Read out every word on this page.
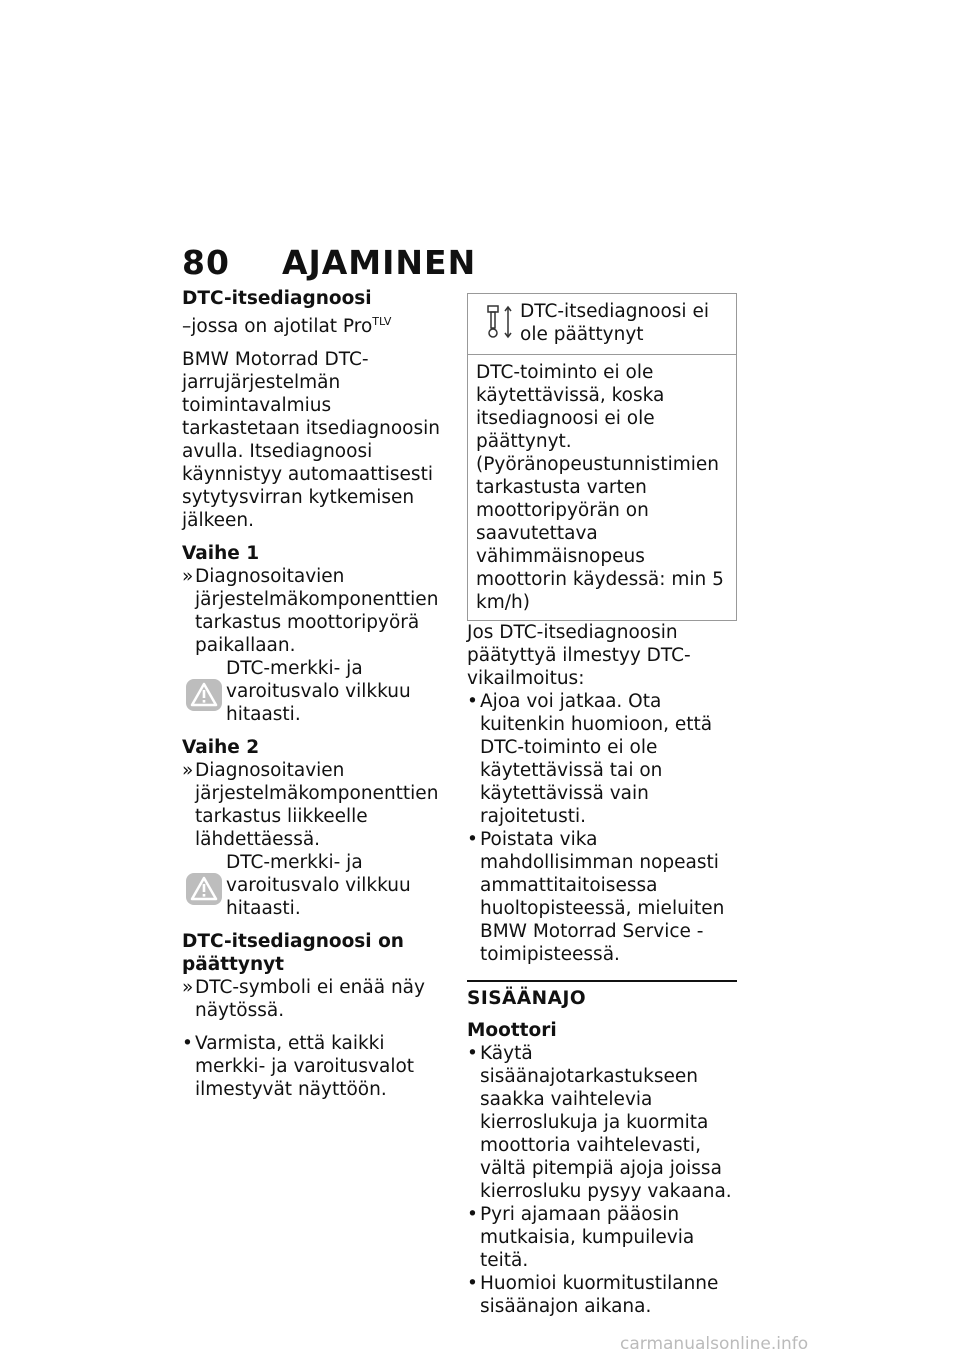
80 AJAMINEN
DTC-itsediagnoosi

–jossa on ajotilat Pro$^{TLV}$

BMW Motorrad DTC-jarrujärjestelmän toimintavalmius tarkastetaan itsediagnoosin avulla. Itsediagnoosi käynnistyy automaattisesti sytytysvirran kytkemisen jälkeen.

Vaihe 1
» Diagnosoitavien järjestelmäkomponenttien tarkastus moottoripyörä paikallaan.
DTC-merkki- ja varoitusvalo vilkkuu hitaasti.
Vaihe 2
» Diagnosoitavien järjestelmäkomponenttien tarkastus liikkeelle lähdettäessä.
DTC-merkki- ja varoitusvalo vilkkuu hitaasti.
DTC-itsediagnoosi on päättynyt
» DTC-symboli ei enää näy näytössä.
• Varmista, että kaikki merkki- ja varoitusvalot ilmestyvät näyttöön.
DTC-itsediagnoosi ei ole päättynyt
DTC-toiminto ei ole käytettävissä, koska itsediagnoosi ei ole päättynyt. (Pyöränopeustunnistimien tarkastusta varten moottoripyörän on saavutettava vähimmäisnopeus moottorin käydessä: min 5 km/h)

Jos DTC-itsediagnoosin päätyttyä ilmestyy DTC-vikailmoitus:

• Ajoa voi jatkaa. Ota kuitenkin huomioon, että DTC-toiminto ei ole käytettävissä tai on käytettävissä vain rajoitetusti.
• Poistata vika mahdollisimman nopeasti ammattitaitoisessa huoltopisteessä, mieluiten BMW Motorrad Service -toimipisteessä.
SISÄÄNAJO
Moottori
• Käytä sisäänajotarkastukseen saakka vaihtelevia kierroslukuja ja kuormita moottoria vaihtelevasti, vältä pitempiä ajoja joissa kierrosluku pysyy vakaana.
• Pyri ajamaan pääosin mutkaisia, kumpuilevia teitä.
• Huomioi kuormitustilanne sisäänajon aikana.
carmanualsonline.info
